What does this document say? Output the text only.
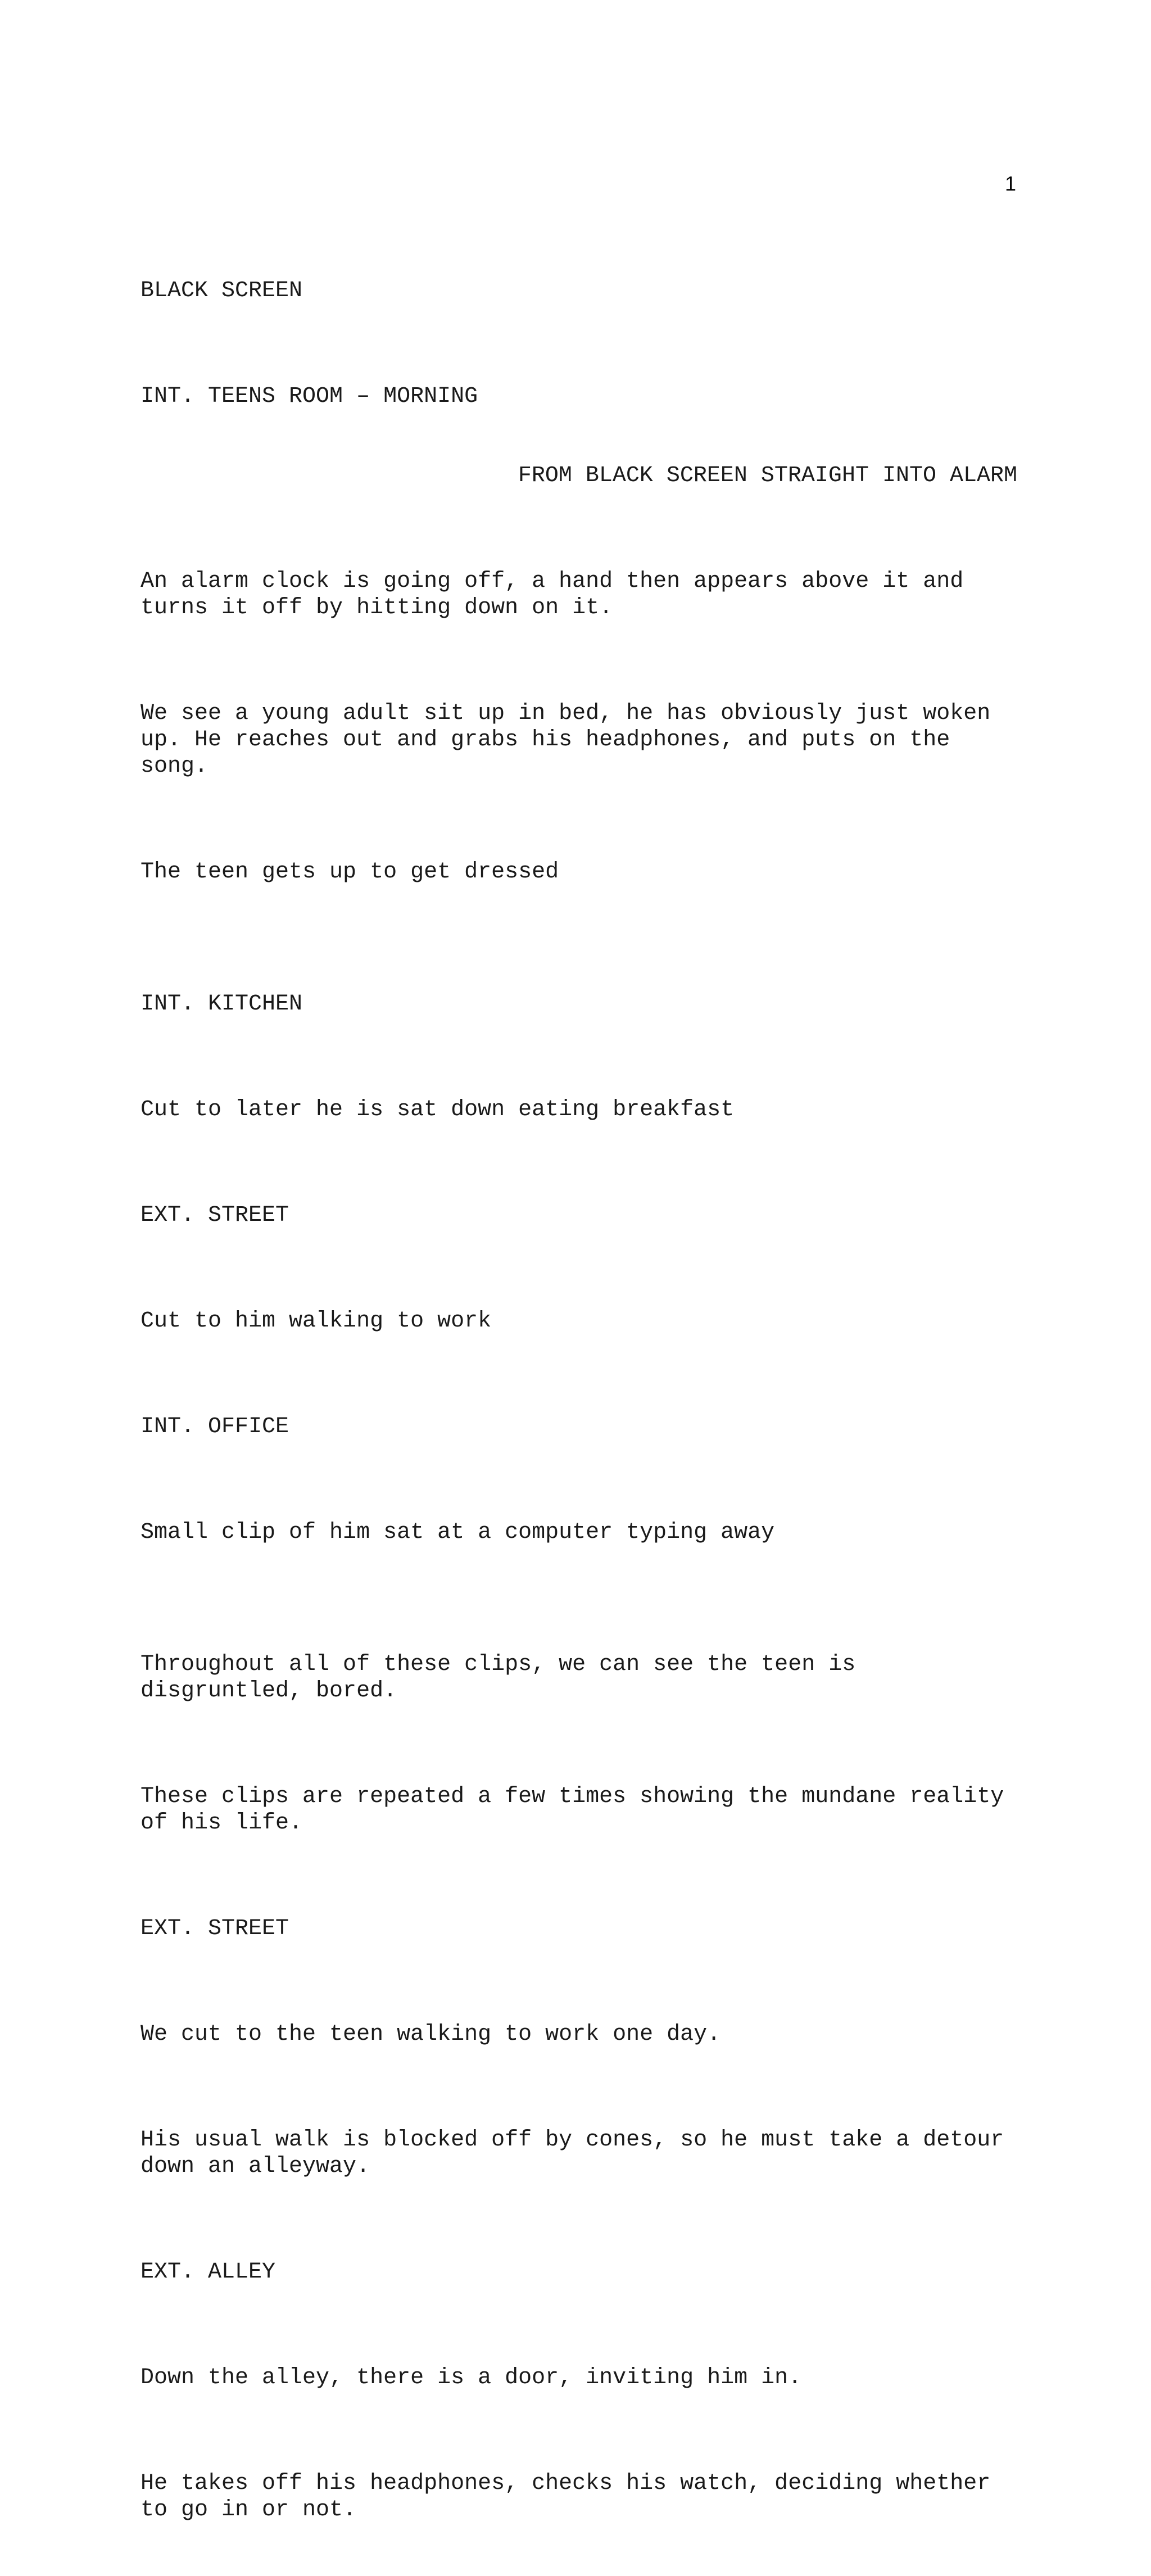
1

BLACK SCREEN

INT. TEENS ROOM – MORNING

FROM BLACK SCREEN STRAIGHT INTO ALARM

An alarm clock is going off, a hand then appears above it and turns it off by hitting down on it.

We see a young adult sit up in bed, he has obviously just woken up. He reaches out and grabs his headphones, and puts on the song.

The teen gets up to get dressed

INT. KITCHEN

Cut to later he is sat down eating breakfast

EXT. STREET

Cut to him walking to work

INT. OFFICE

Small clip of him sat at a computer typing away

Throughout all of these clips, we can see the teen is disgruntled, bored.

These clips are repeated a few times showing the mundane reality of his life.

EXT. STREET

We cut to the teen walking to work one day.

His usual walk is blocked off by cones, so he must take a detour down an alleyway.

EXT. ALLEY

Down the alley, there is a door, inviting him in.

He takes off his headphones, checks his watch, deciding whether to go in or not.
